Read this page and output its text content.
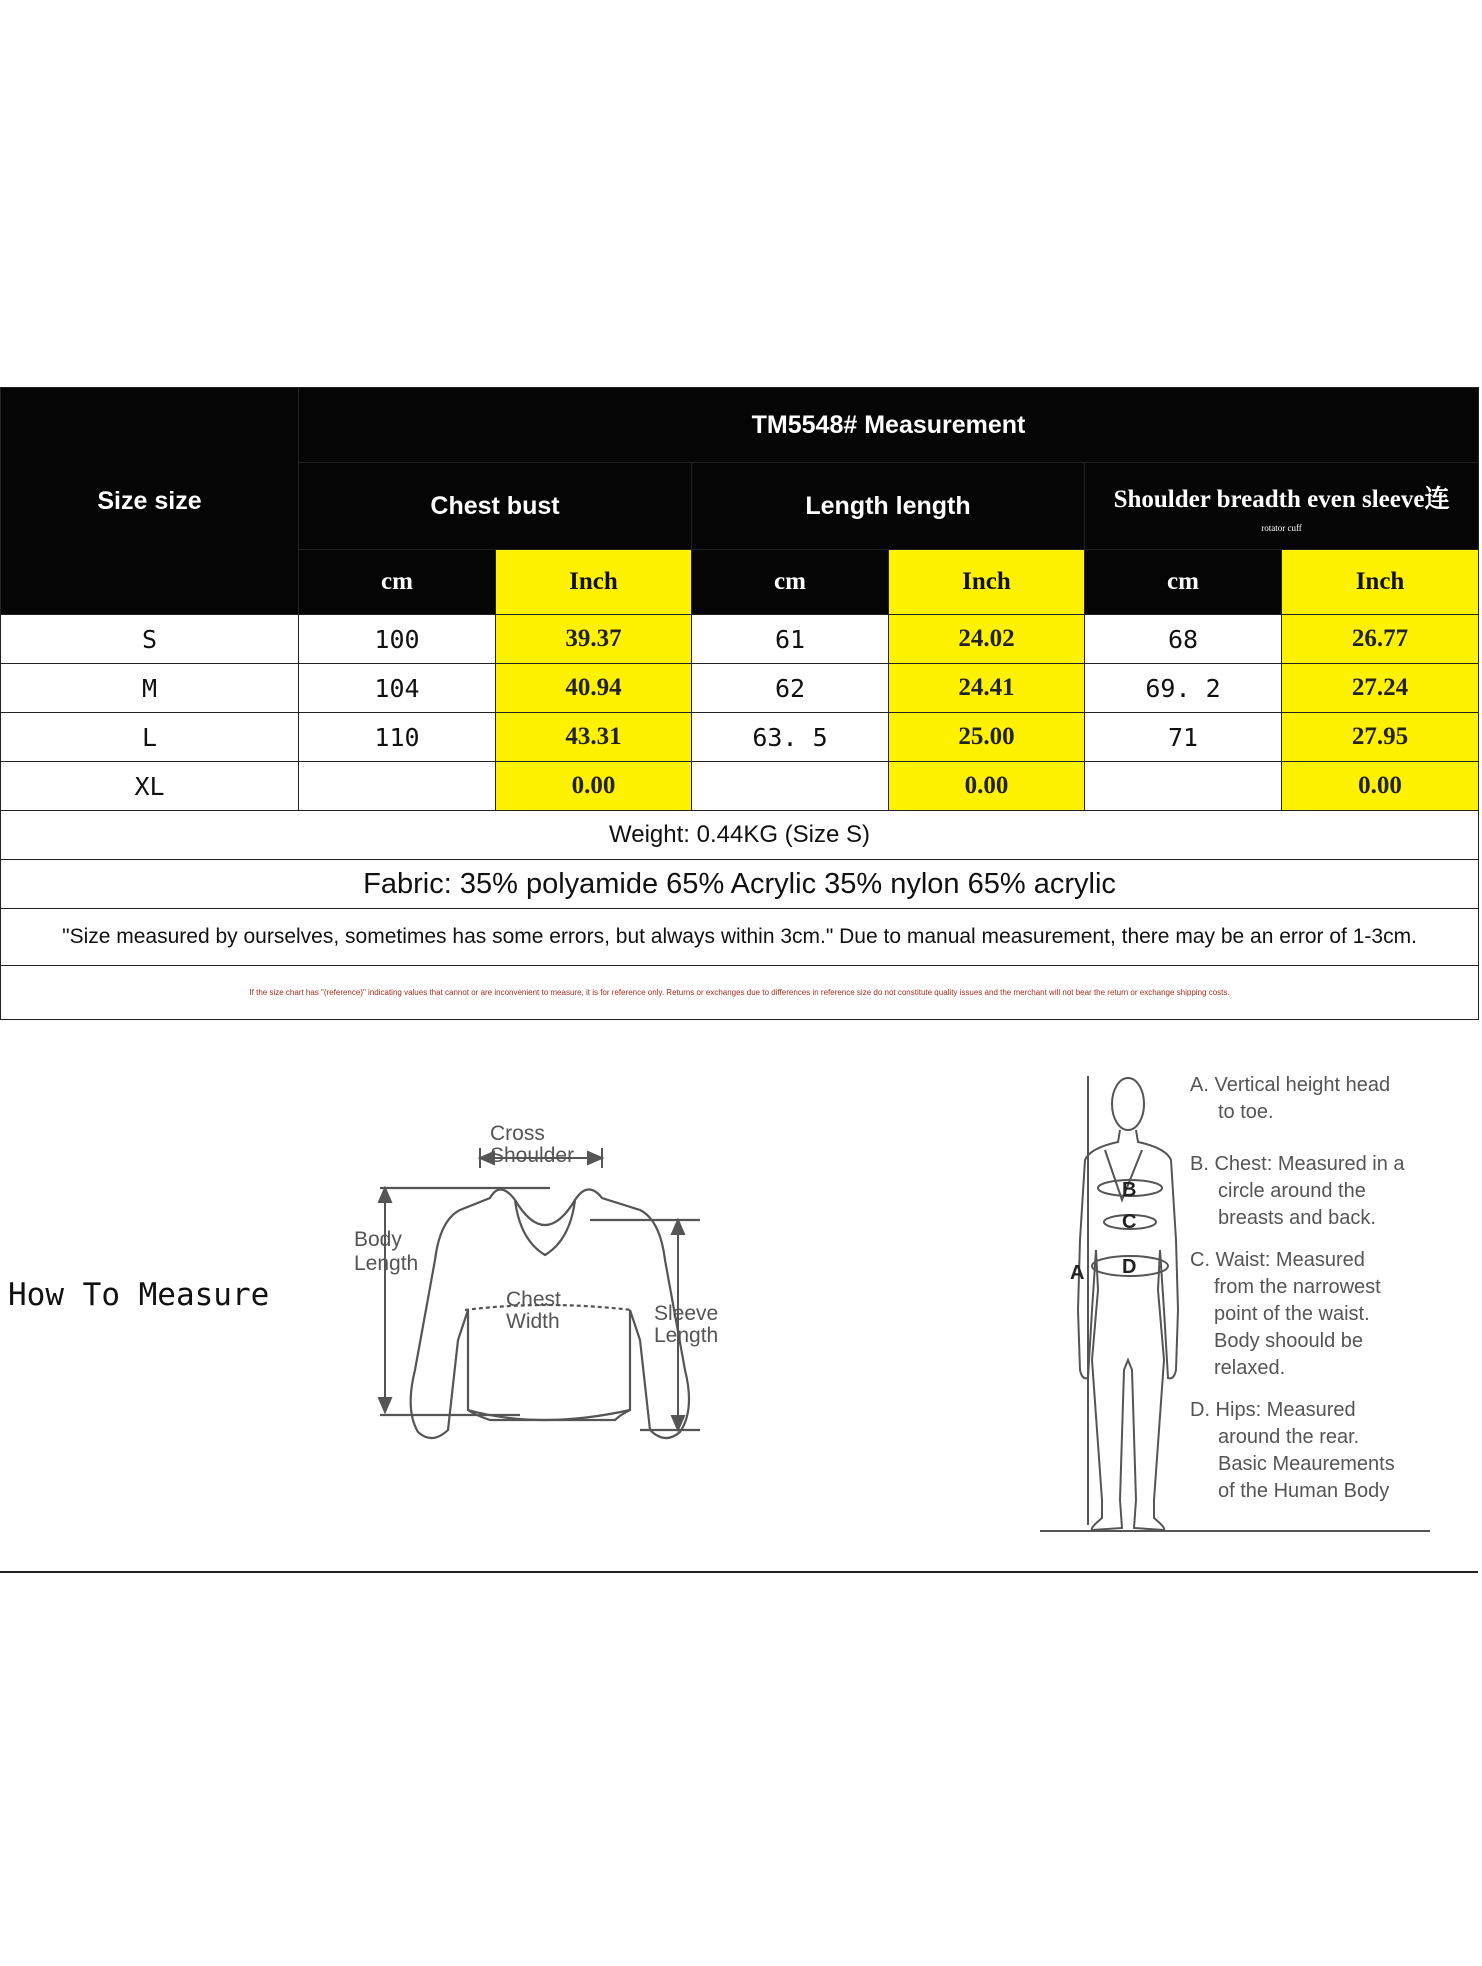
Size size	TM5548# Measurement					
	Chest bust		Length length		Shoulder breadth even sleeve连
rotator cuff	

	cm	Inch	cm	Inch	cm	Inch
S	100	39.37	61	24.02	68	26.77
M	104	40.94	62	24.41	69. 2	27.24
L	110	43.31	63. 5	25.00	71	27.95
XL		0.00		0.00		0.00
Weight: 0.44KG (Size S)						
Fabric: 35% polyamide 65% Acrylic 35% nylon 65% acrylic						
"Size measured by ourselves, sometimes has some errors, but always within 3cm." Due to manual measurement, there may be an error of 1-3cm.						
If the size chart has "(reference)" indicating values that cannot or are inconvenient to measure, it is for reference only. Returns or exchanges due to differences in reference size do not constitute quality issues and the merchant will not bear the return or exchange shipping costs.						
How To Measure
Cross
Shoulder
Body
Length
Chest
Width	Sleeve
Length
A
B
C
D
A. Vertical height head
to toe.
B. Chest: Measured in a
circle around the
breasts and back.
C. Waist: Measured
from the narrowest
point of the waist.
Body shoould be
relaxed.
D. Hips: Measured
around the rear.
Basic Meaurements
of the Human Body
